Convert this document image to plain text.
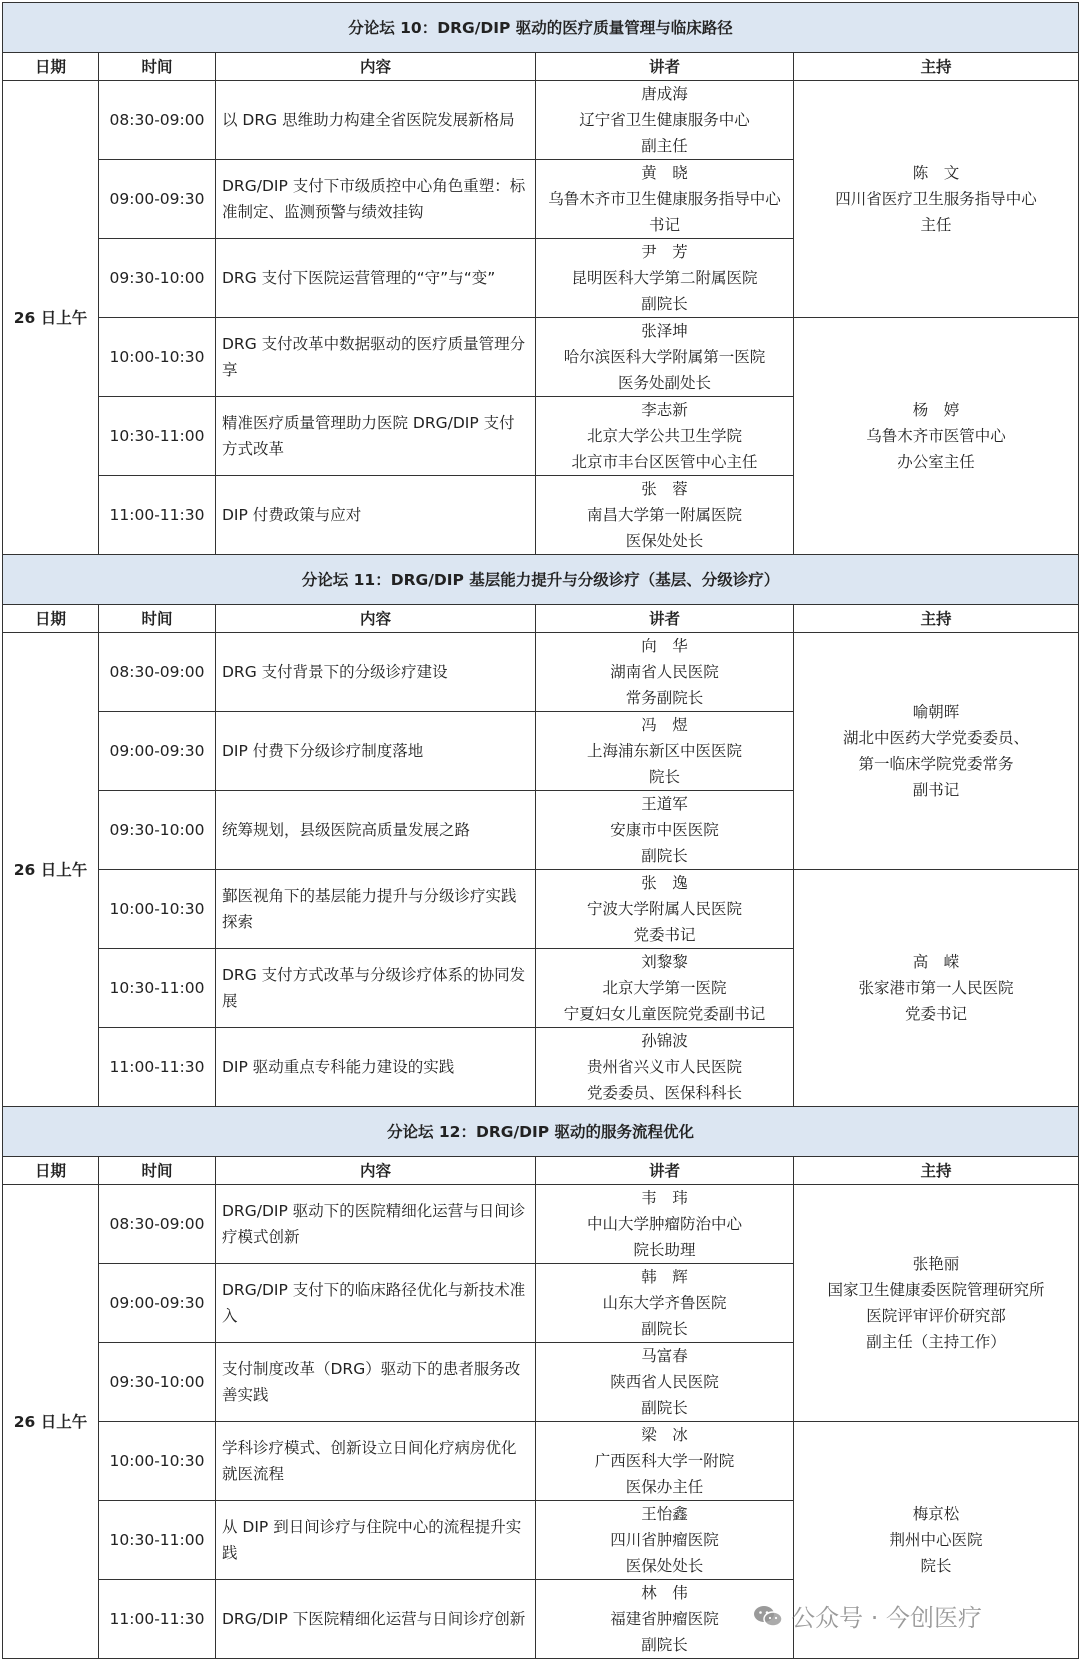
分论坛 10：DRG/DIP 驱动的医疗质量管理与临床路径				
日期	时间	内容	讲者	主持
26 日上午	08:30-09:00	以 DRG 思维助力构建全省医院发展新格局	唐成海
辽宁省卫生健康服务中心
副主任	陈　文
四川省医疗卫生服务指导中心
主任

	09:00-09:30	DRG/DIP 支付下市级质控中心角色重塑：标准制定、监测预警与绩效挂钩	黄　晓
乌鲁木齐市卫生健康服务指导中心
书记	

	09:30-10:00	DRG 支付下医院运营管理的“守”与“变”	尹　芳
昆明医科大学第二附属医院
副院长	

	10:00-10:30	DRG 支付改革中数据驱动的医疗质量管理分享	张泽坤
哈尔滨医科大学附属第一医院
医务处副处长	杨　婷
乌鲁木齐市医管中心
办公室主任

	10:30-11:00	精准医疗质量管理助力医院 DRG/DIP 支付方式改革	李志新
北京大学公共卫生学院
北京市丰台区医管中心主任	

	11:00-11:30	DIP 付费政策与应对	张　蓉
南昌大学第一附属医院
医保处处长	

分论坛 11：DRG/DIP 基层能力提升与分级诊疗（基层、分级诊疗）				
日期	时间	内容	讲者	主持
26 日上午	08:30-09:00	DRG 支付背景下的分级诊疗建设	向　华
湖南省人民医院
常务副院长	喻朝晖
湖北中医药大学党委委员、
第一临床学院党委常务
副书记

	09:00-09:30	DIP 付费下分级诊疗制度落地	冯　煜
上海浦东新区中医医院
院长	

	09:30-10:00	统筹规划，县级医院高质量发展之路	王道军
安康市中医医院
副院长	

	10:00-10:30	鄞医视角下的基层能力提升与分级诊疗实践探索	张　逸
宁波大学附属人民医院
党委书记	高　嵘
张家港市第一人民医院
党委书记

	10:30-11:00	DRG 支付方式改革与分级诊疗体系的协同发展	刘黎黎
北京大学第一医院
宁夏妇女儿童医院党委副书记	

	11:00-11:30	DIP 驱动重点专科能力建设的实践	孙锦波
贵州省兴义市人民医院
党委委员、医保科科长	

分论坛 12：DRG/DIP 驱动的服务流程优化				
日期	时间	内容	讲者	主持
26 日上午	08:30-09:00	DRG/DIP 驱动下的医院精细化运营与日间诊疗模式创新	韦　玮
中山大学肿瘤防治中心
院长助理	张艳丽
国家卫生健康委医院管理研究所
医院评审评价研究部
副主任（主持工作）

	09:00-09:30	DRG/DIP 支付下的临床路径优化与新技术准入	韩　辉
山东大学齐鲁医院
副院长	

	09:30-10:00	支付制度改革（DRG）驱动下的患者服务改善实践	马富春
陕西省人民医院
副院长	

	10:00-10:30	学科诊疗模式、创新设立日间化疗病房优化就医流程	梁　冰
广西医科大学一附院
医保办主任	梅京松
荆州中心医院
院长

	10:30-11:00	从 DIP 到日间诊疗与住院中心的流程提升实践	王怡鑫
四川省肿瘤医院
医保处处长	

	11:00-11:30	DRG/DIP 下医院精细化运营与日间诊疗创新	林　伟
福建省肿瘤医院
副院长	
公众号 · 今创医疗
